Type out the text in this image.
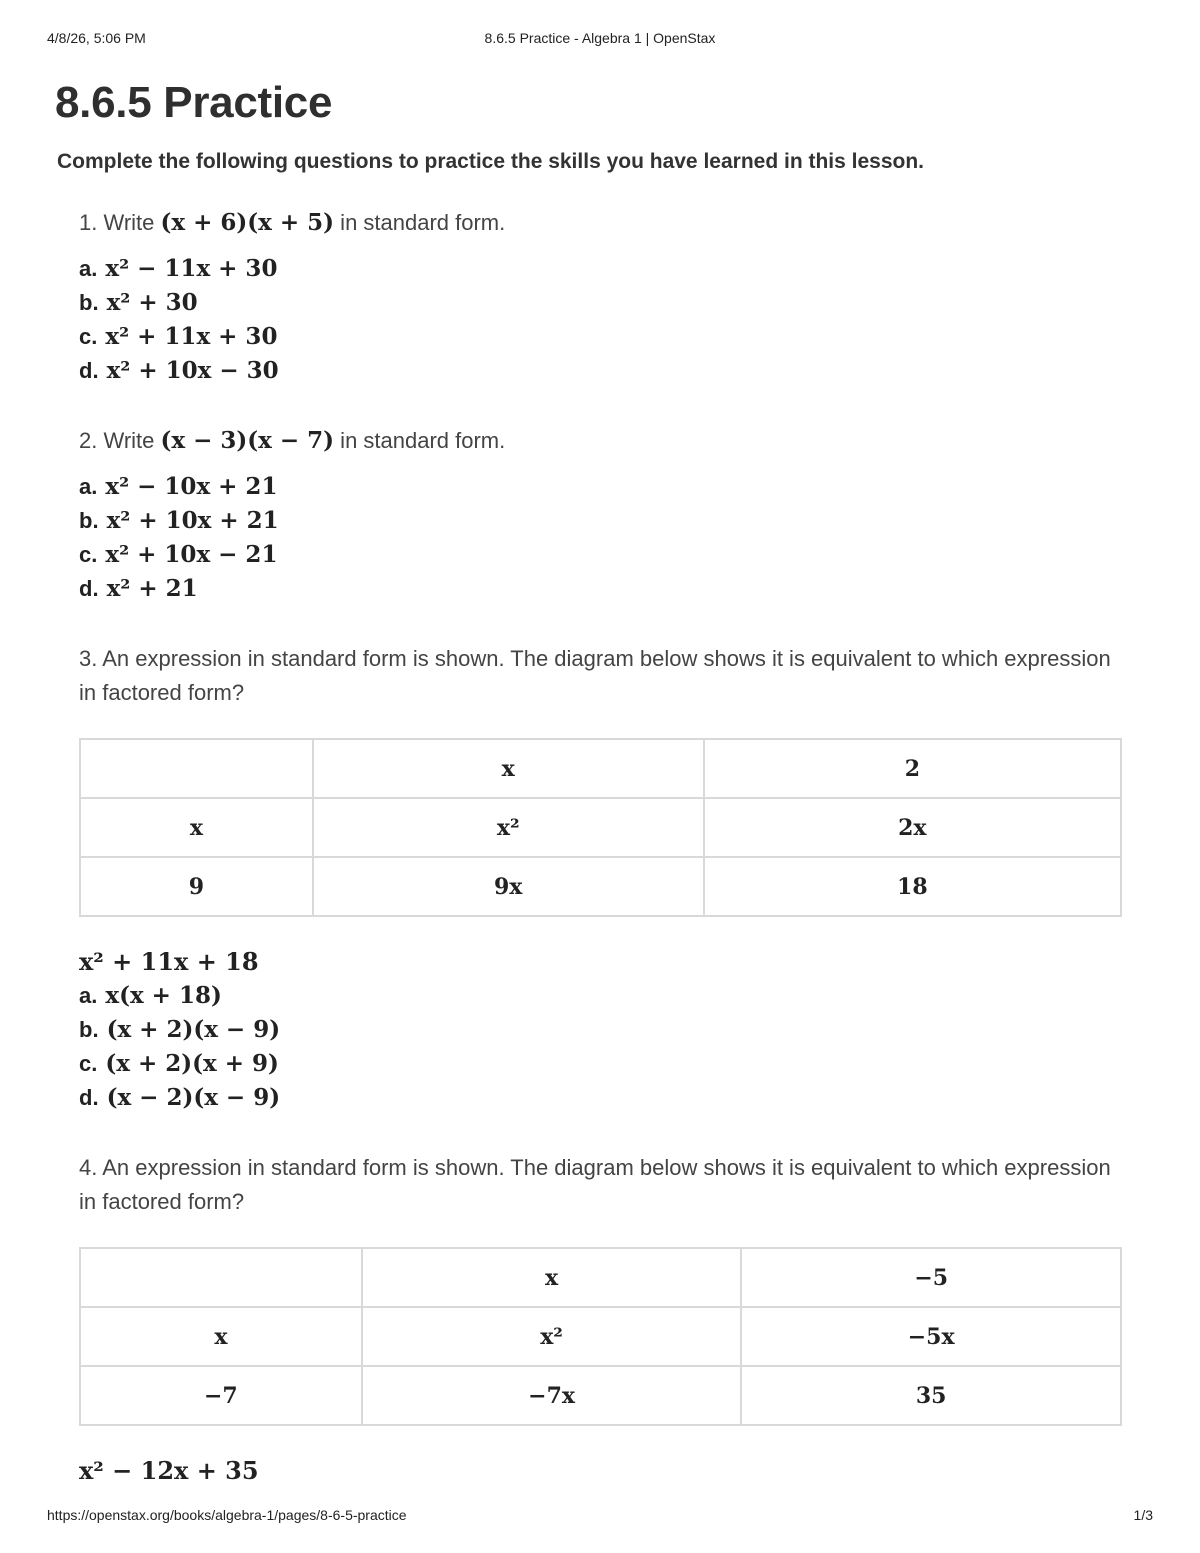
4/8/26, 5:06 PM	8.6.5 Practice - Algebra 1 | OpenStax
8.6.5 Practice
Complete the following questions to practice the skills you have learned in this lesson.

1. Write (x + 6)(x + 5) in standard form.

a. x² − 11x + 30
b. x² + 30
c. x² + 11x + 30
d. x² + 10x − 30

2. Write (x − 3)(x − 7) in standard form.

a. x² − 10x + 21
b. x² + 10x + 21
c. x² + 10x − 21
d. x² + 21

3. An expression in standard form is shown. The diagram below shows it is equivalent to which expression in factored form?

	x	2
x	x²	2x
9	9x	18
x² + 11x + 18
a. x(x + 18)
b. (x + 2)(x − 9)
c. (x + 2)(x + 9)
d. (x − 2)(x − 9)

4. An expression in standard form is shown. The diagram below shows it is equivalent to which expression in factored form?

	x	−5
x	x²	−5x
−7	−7x	35
x² − 12x + 35
https://openstax.org/books/algebra-1/pages/8-6-5-practice	1/3
